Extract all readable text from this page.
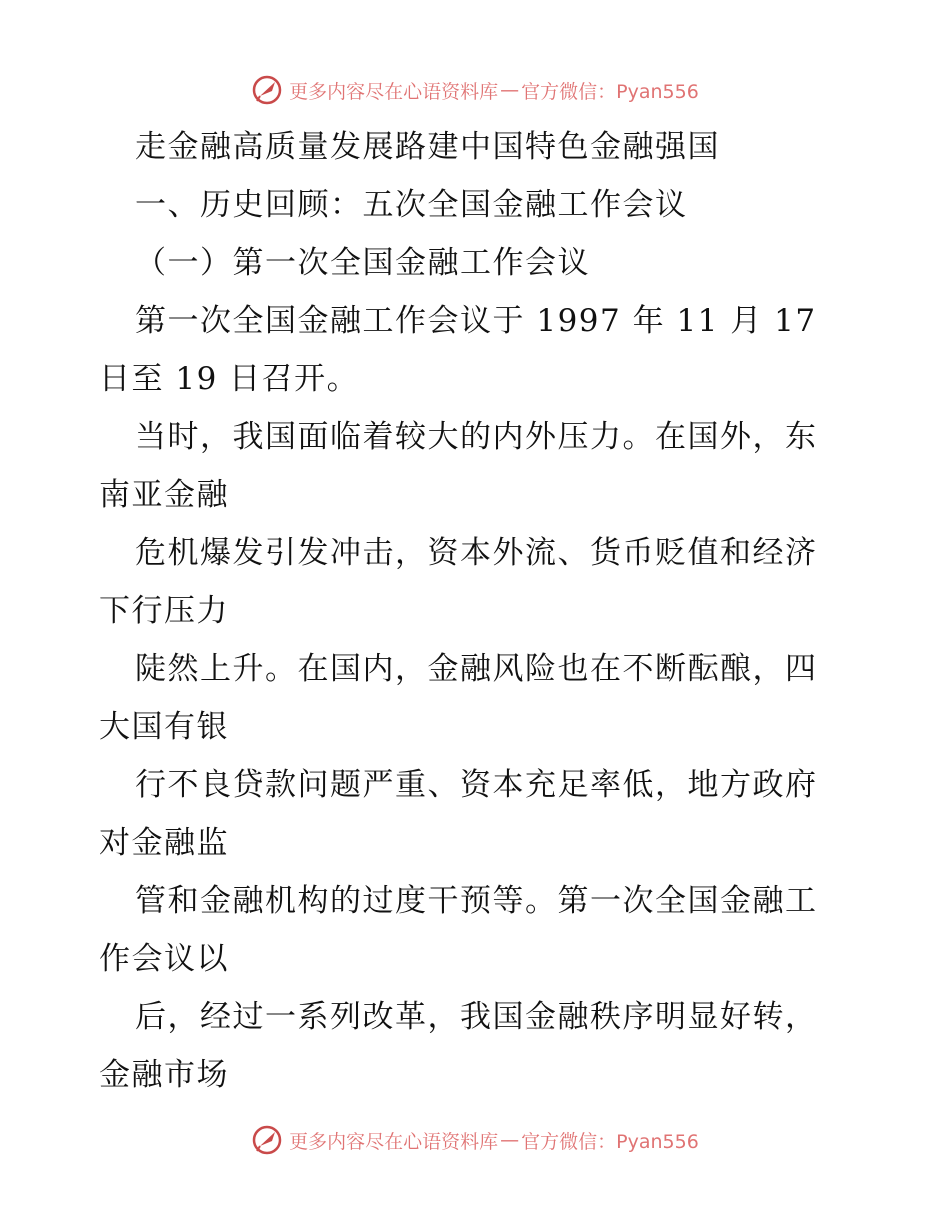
更多内容尽在心语资料库 — 官方微信：Pyan556
走金融高质量发展路建中国特色金融强国
一、历史回顾：五次全国金融工作会议
（一）第一次全国金融工作会议
第一次全国金融工作会议于 1997 年 11 月 17
日至 19 日召开。
当时，我国面临着较大的内外压力。在国外，东
南亚金融
危机爆发引发冲击，资本外流、货币贬值和经济
下行压力
陡然上升。在国内，金融风险也在不断酝酿，四
大国有银
行不良贷款问题严重、资本充足率低，地方政府
对金融监
管和金融机构的过度干预等。第一次全国金融工
作会议以
后，经过一系列改革，我国金融秩序明显好转，
金融市场
更多内容尽在心语资料库 — 官方微信：Pyan556
